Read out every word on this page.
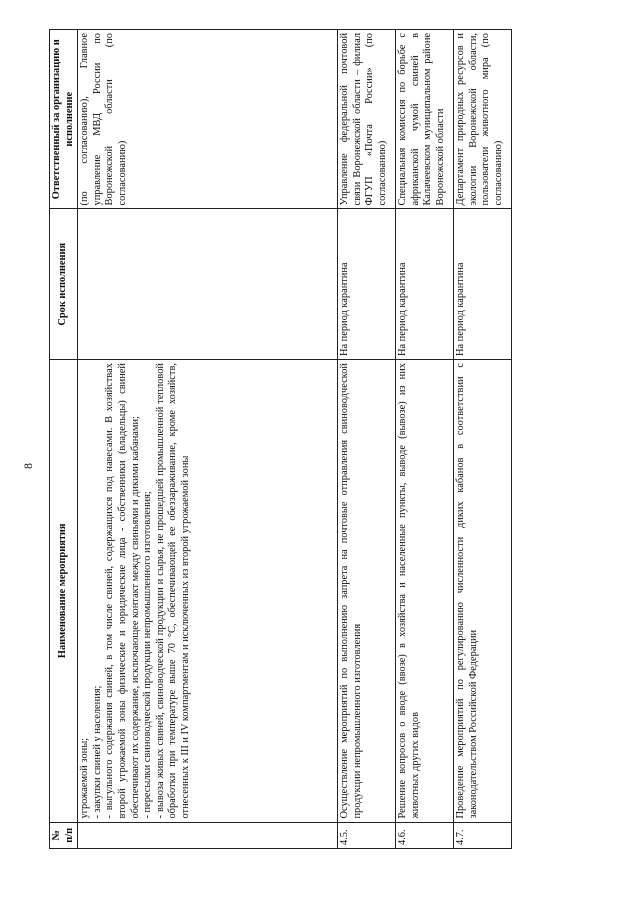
8
№ п/п	Наименование мероприятия	Срок исполнения	Ответственный за организацию и исполнение

	угрожаемой зоны; - закупки свиней у населения; - выгульного содержания свиней, в том числе свиней, содержащихся под навесами. В хозяйствах второй угрожаемой зоны физические и юридические лица - собственники (владельцы) свиней обеспечивают их содержание, исключающее контакт между свиньями и дикими кабанами; - пересылки свиноводческой продукции непромышленного изготовления; - вывоза живых свиней, свиноводческой продукции и сырья, не прошедшей промышленной тепловой обработки при температуре выше 70 °С, обеспечивающей ее обеззараживание, кроме хозяйств, отнесенных к III и IV компартментам и исключенных из второй угрожаемой зоны		(по согласованию), Главное управление МВД России по Воронежской области (по согласованию)
4.5.	Осуществление мероприятий по выполнению запрета на почтовые отправления свиноводческой продукции непромышленного изготовления	На период карантина	Управление федеральной почтовой связи Воронежской области – филиал ФГУП «Почта России» (по согласованию)
4.6.	Решение вопросов о вводе (ввозе) в хозяйства и населенные пункты, выводе (вывозе) из них животных других видов	На период карантина	Специальная комиссия по борьбе с африканской чумой свиней в Калачеевском муниципальном районе Воронежской области
4.7.	Проведение мероприятий по регулированию численности диких кабанов в соответствии с законодательством Российской Федерации	На период карантина	Департамент природных ресурсов и экологии Воронежской области, пользователи животного мира (по согласованию)
